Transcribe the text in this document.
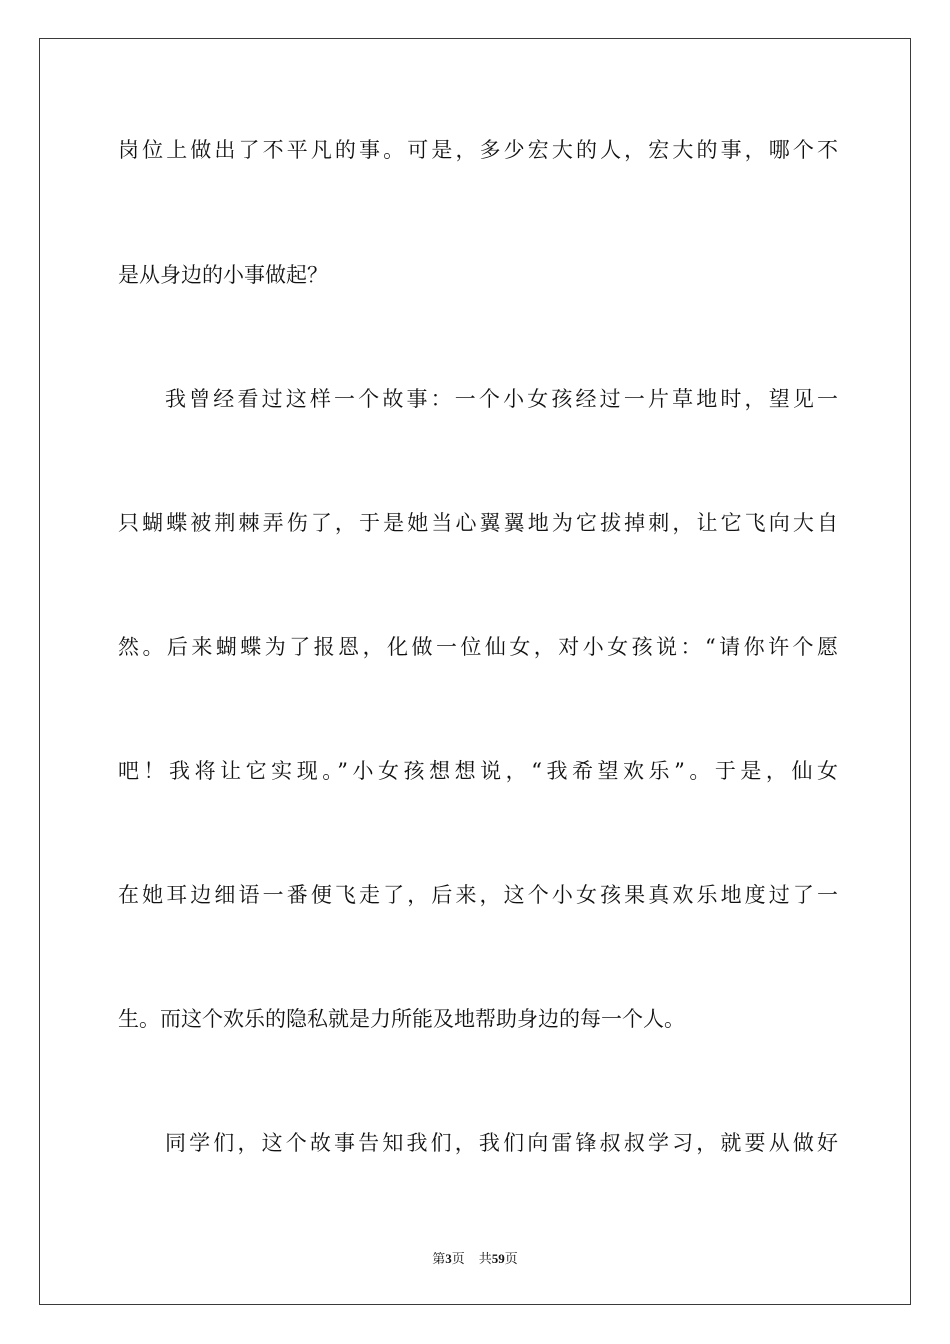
岗位上做出了不平凡的事。可是，多少宏大的人，宏大的事，哪个不

是从身边的小事做起？

我曾经看过这样一个故事：一个小女孩经过一片草地时，望见一

只蝴蝶被荆棘弄伤了，于是她当心翼翼地为它拔掉刺，让它飞向大自

然。后来蝴蝶为了报恩，化做一位仙女，对小女孩说：“请你许个愿

吧！我将让它实现。”小女孩想想说，“我希望欢乐”。于是，仙女

在她耳边细语一番便飞走了，后来，这个小女孩果真欢乐地度过了一

生。而这个欢乐的隐私就是力所能及地帮助身边的每一个人。

同学们，这个故事告知我们，我们向雷锋叔叔学习，就要从做好

第3页 共59页
